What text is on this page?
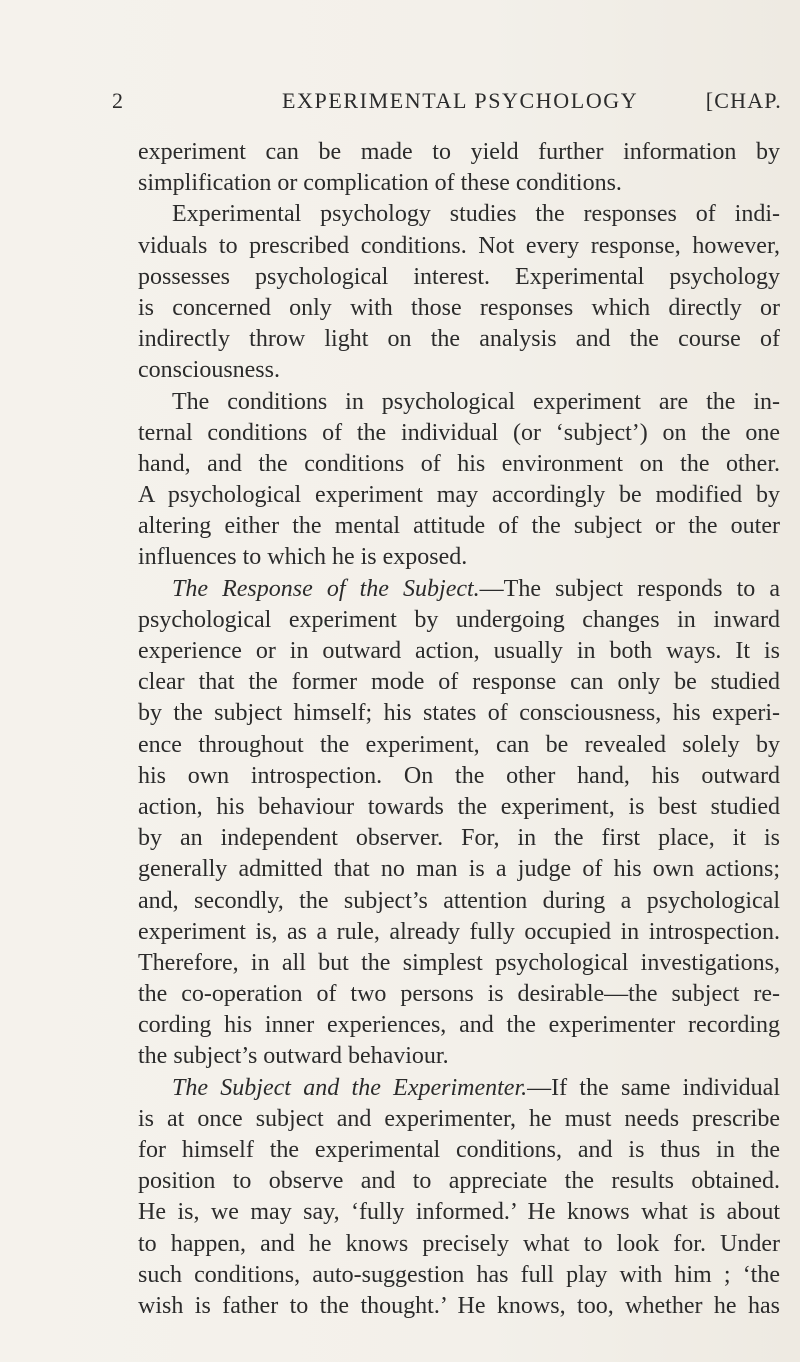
2	EXPERIMENTAL PSYCHOLOGY	[CHAP.
experiment can be made to yield further information by
simplification or complication of these conditions.
Experimental psychology studies the responses of indi-
viduals to prescribed conditions. Not every response, however,
possesses psychological interest. Experimental psychology
is concerned only with those responses which directly or
indirectly throw light on the analysis and the course of
consciousness.
The conditions in psychological experiment are the in-
ternal conditions of the individual (or ‘subject’) on the one
hand, and the conditions of his environment on the other.
A psychological experiment may accordingly be modified by
altering either the mental attitude of the subject or the outer
influences to which he is exposed.
The Response of the Subject.—The subject responds to a
psychological experiment by undergoing changes in inward
experience or in outward action, usually in both ways. It is
clear that the former mode of response can only be studied
by the subject himself; his states of consciousness, his experi-
ence throughout the experiment, can be revealed solely by
his own introspection. On the other hand, his outward
action, his behaviour towards the experiment, is best studied
by an independent observer. For, in the first place, it is
generally admitted that no man is a judge of his own actions;
and, secondly, the subject’s attention during a psychological
experiment is, as a rule, already fully occupied in introspection.
Therefore, in all but the simplest psychological investigations,
the co-operation of two persons is desirable—the subject re-
cording his inner experiences, and the experimenter recording
the subject’s outward behaviour.
The Subject and the Experimenter.—If the same individual
is at once subject and experimenter, he must needs prescribe
for himself the experimental conditions, and is thus in the
position to observe and to appreciate the results obtained.
He is, we may say, ‘fully informed.’ He knows what is about
to happen, and he knows precisely what to look for. Under
such conditions, auto-suggestion has full play with him ; ‘the
wish is father to the thought.’ He knows, too, whether he has
